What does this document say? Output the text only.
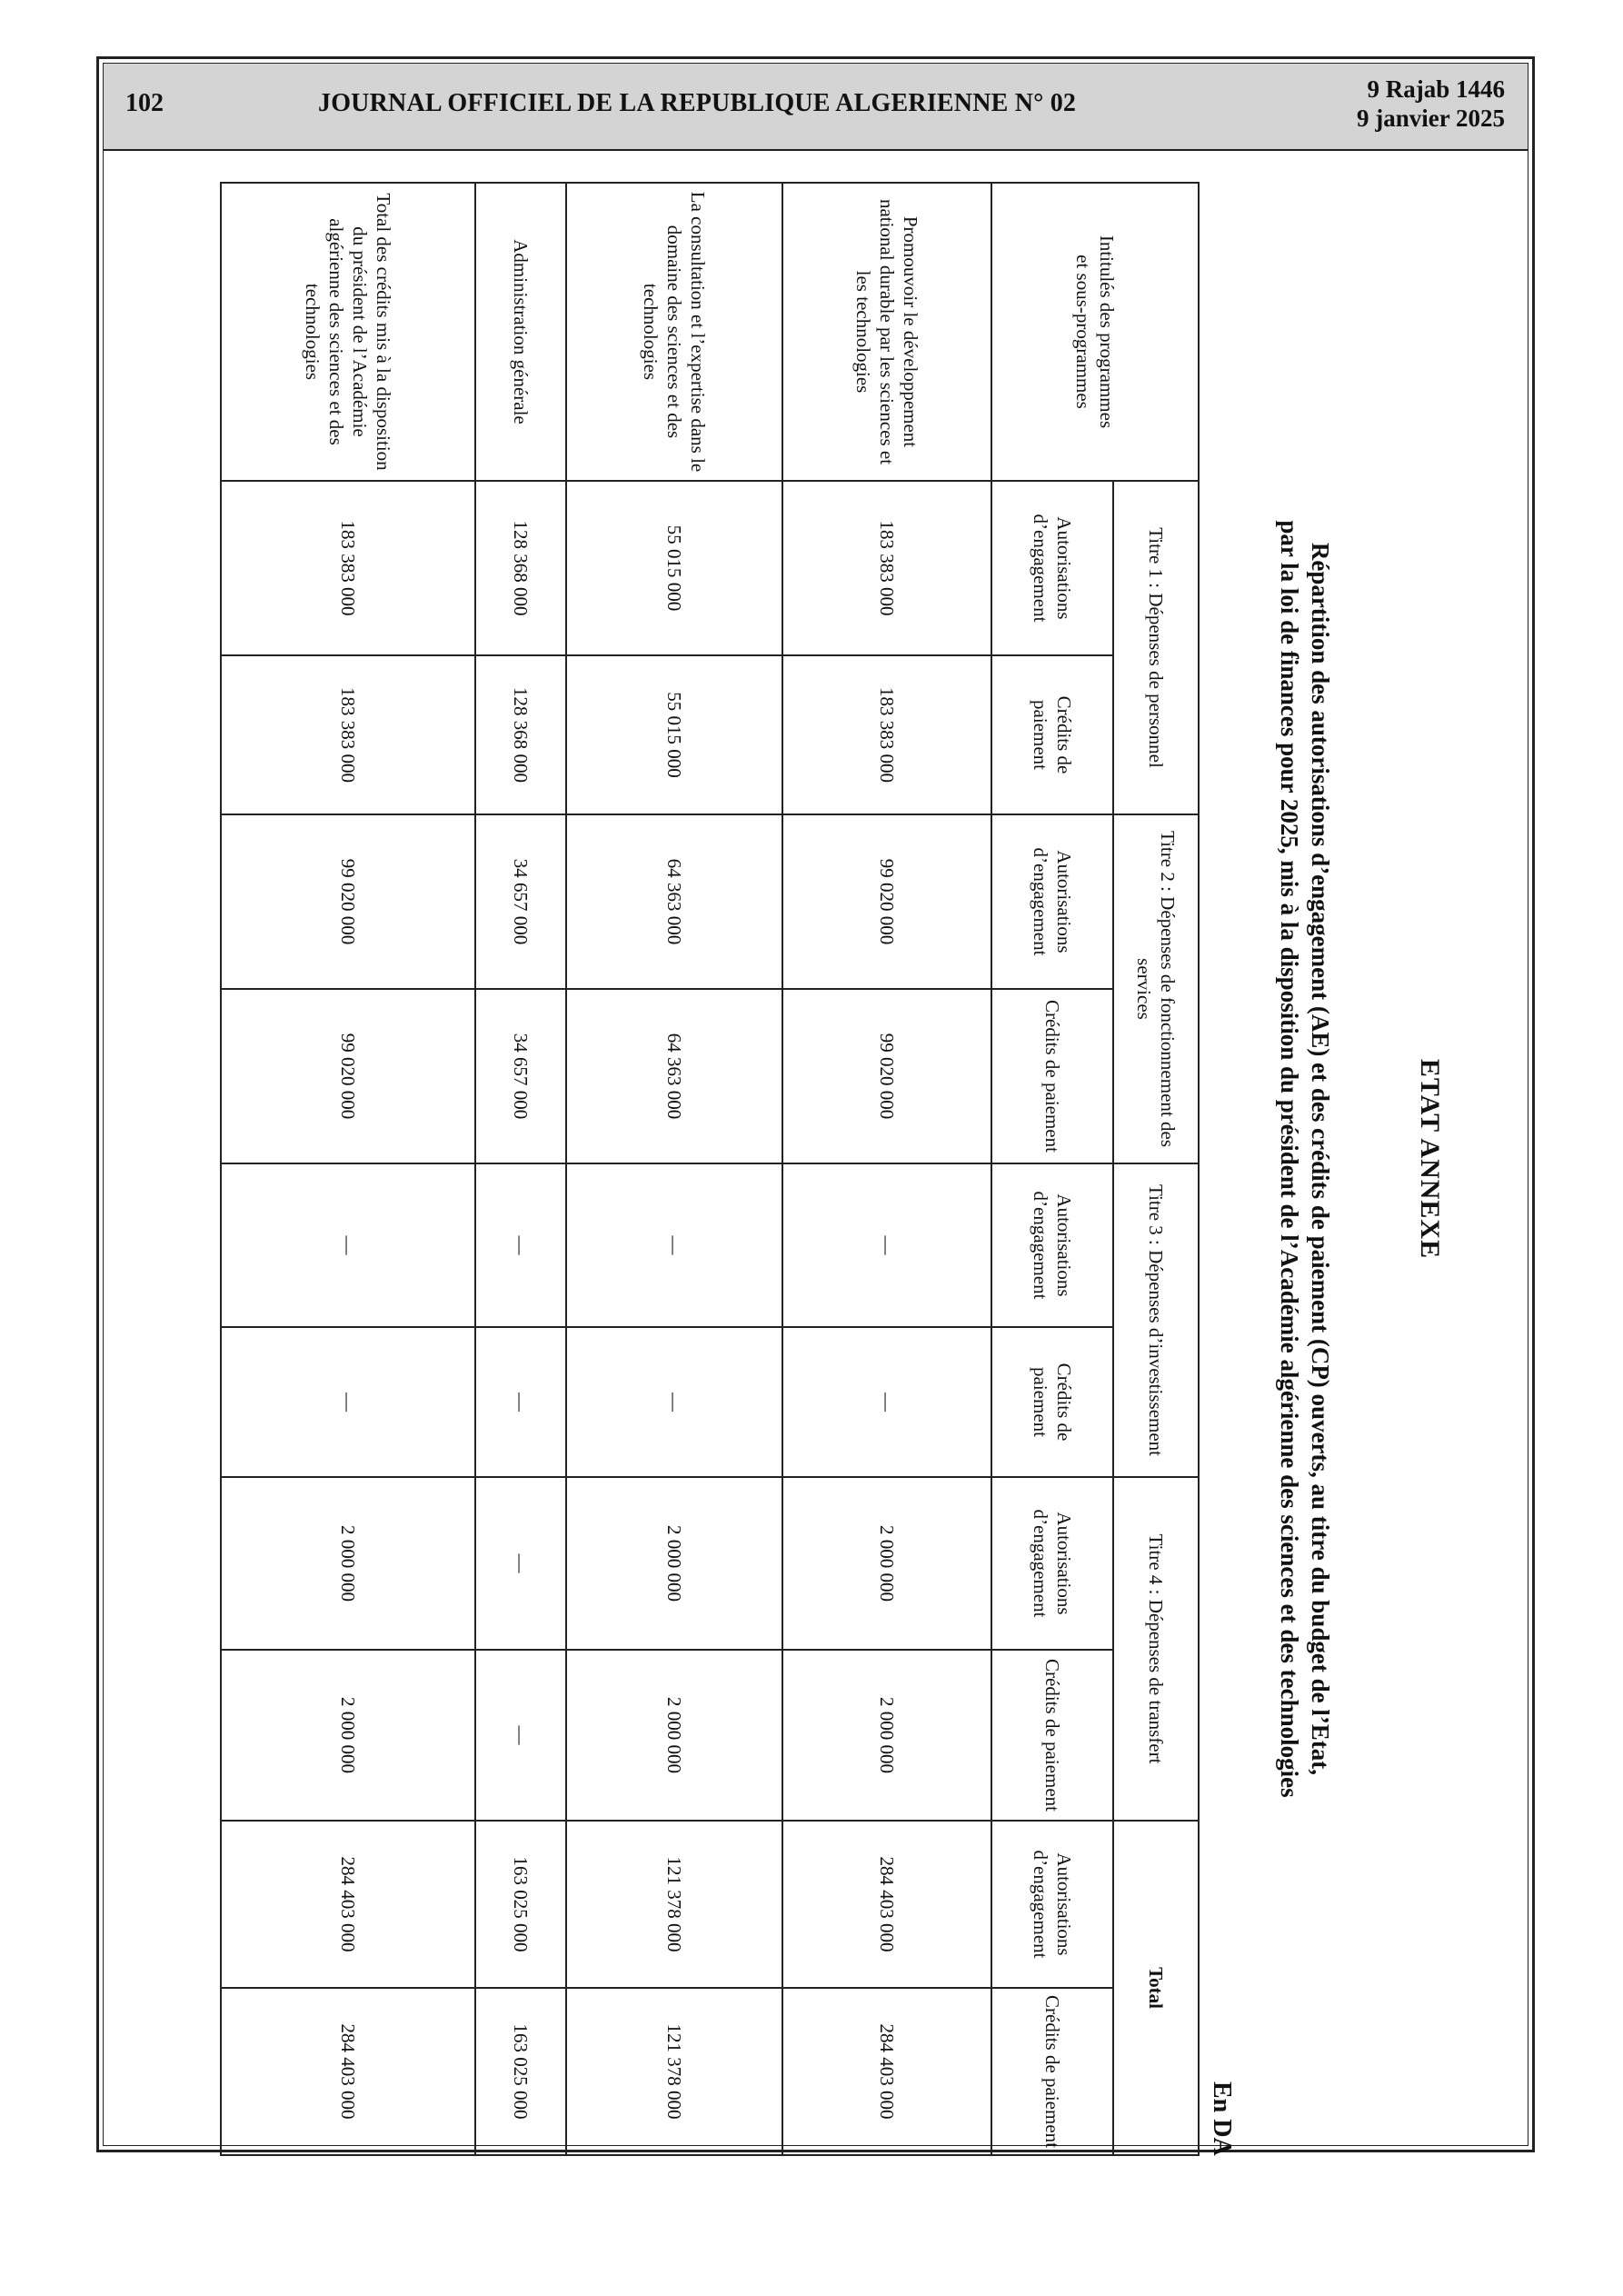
102	JOURNAL OFFICIEL DE LA REPUBLIQUE ALGERIENNE N° 02	9 Rajab 1446
9 janvier 2025
ETAT ANNEXE
Répartition des autorisations d’engagement (AE) et des crédits de paiement (CP) ouverts, au titre du budget de l’Etat,
par la loi de finances pour 2025, mis à la disposition du président de l’Académie algérienne des sciences et des technologies
En DA
Intitulés des programmes
et sous-programmes	Titre 1 : Dépenses de personnel		Titre 2 : Dépenses de fonctionnement des services		Titre 3 : Dépenses d’investissement		Titre 4 : Dépenses de transfert		Total	
	Autorisations d’engagement	Crédits de paiement	Autorisations d’engagement	Crédits de paiement	Autorisations d’engagement	Crédits de paiement	Autorisations d’engagement	Crédits de paiement	Autorisations d’engagement	Crédits de paiement
Promouvoir le développement national durable par les sciences et les technologies	183 383 000	183 383 000	99 020 000	99 020 000	—	—	2 000 000	2 000 000	284 403 000	284 403 000
La consultation et l’expertise dans le domaine des sciences et des technologies	55 015 000	55 015 000	64 363 000	64 363 000	—	—	2 000 000	2 000 000	121 378 000	121 378 000
Administration générale	128 368 000	128 368 000	34 657 000	34 657 000	—	—	—	—	163 025 000	163 025 000
Total des crédits mis à la disposition du président de l’Académie algérienne des sciences et des technologies	183 383 000	183 383 000	99 020 000	99 020 000	—	—	2 000 000	2 000 000	284 403 000	284 403 000
